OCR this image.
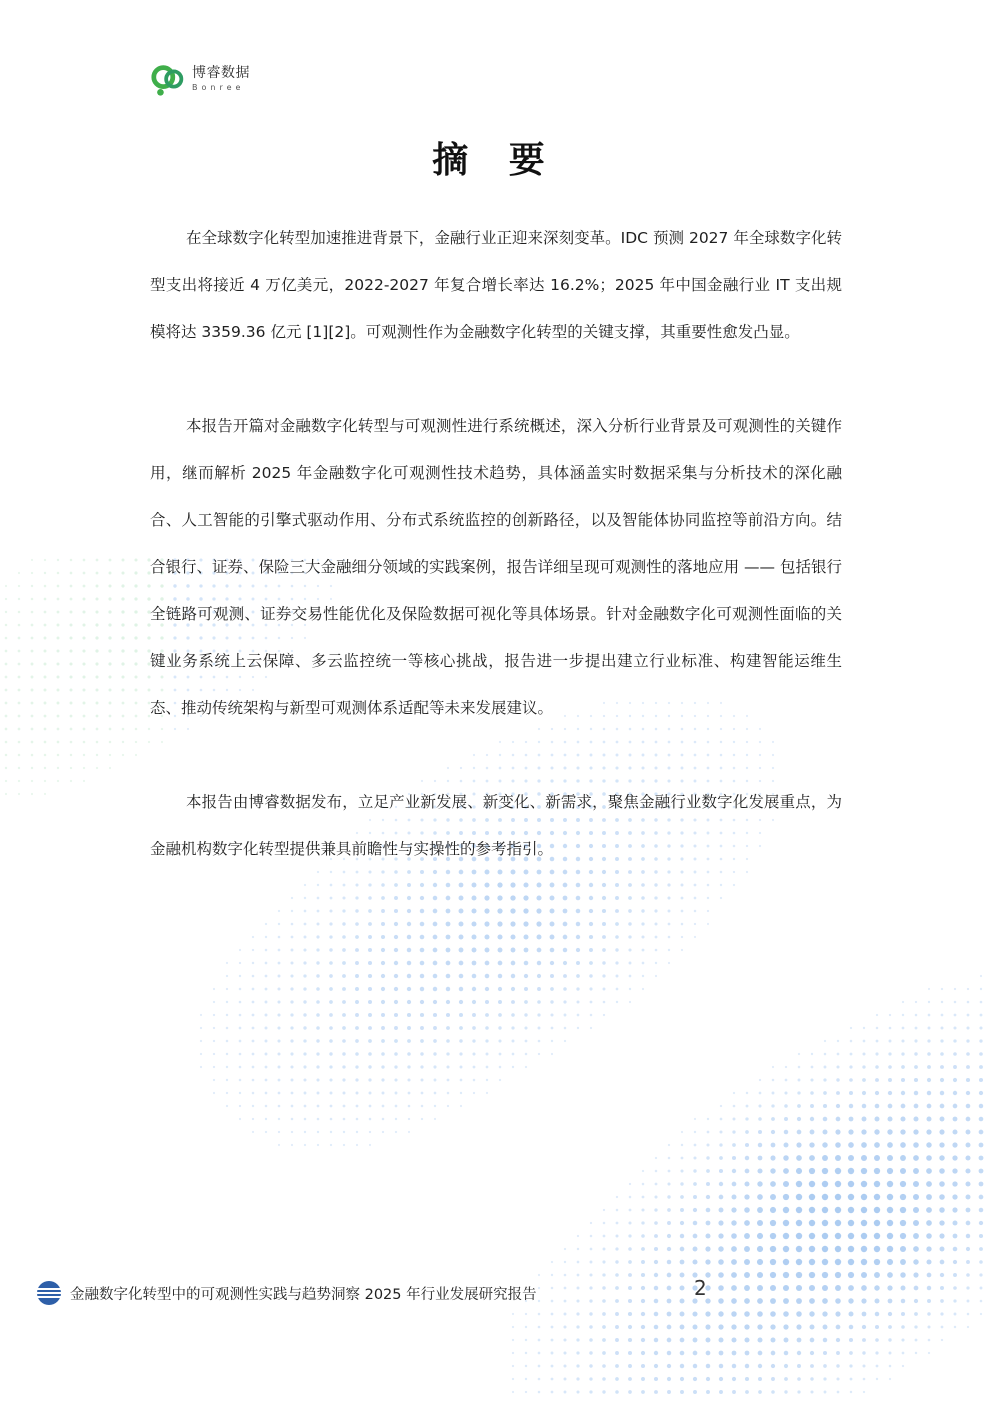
博睿数据
Bonree
摘 要

在全球数字化转型加速推进背景下，金融行业正迎来深刻变革。IDC 预测 2027 年全球数字化转型支出将接近 4 万亿美元，2022-2027 年复合增长率达 16.2%；2025 年中国金融行业 IT 支出规模将达 3359.36 亿元 [1][2]。可观测性作为金融数字化转型的关键支撑，其重要性愈发凸显。

本报告开篇对金融数字化转型与可观测性进行系统概述，深入分析行业背景及可观测性的关键作用，继而解析 2025 年金融数字化可观测性技术趋势，具体涵盖实时数据采集与分析技术的深化融合、人工智能的引擎式驱动作用、分布式系统监控的创新路径，以及智能体协同监控等前沿方向。结合银行、证券、保险三大金融细分领域的实践案例，报告详细呈现可观测性的落地应用 —— 包括银行全链路可观测、证券交易性能优化及保险数据可视化等具体场景。针对金融数字化可观测性面临的关键业务系统上云保障、多云监控统一等核心挑战，报告进一步提出建立行业标准、构建智能运维生态、推动传统架构与新型可观测体系适配等未来发展建议。

本报告由博睿数据发布，立足产业新发展、新变化、新需求，聚焦金融行业数字化发展重点，为金融机构数字化转型提供兼具前瞻性与实操性的参考指引。

金融数字化转型中的可观测性实践与趋势洞察 2025 年行业发展研究报告	2
